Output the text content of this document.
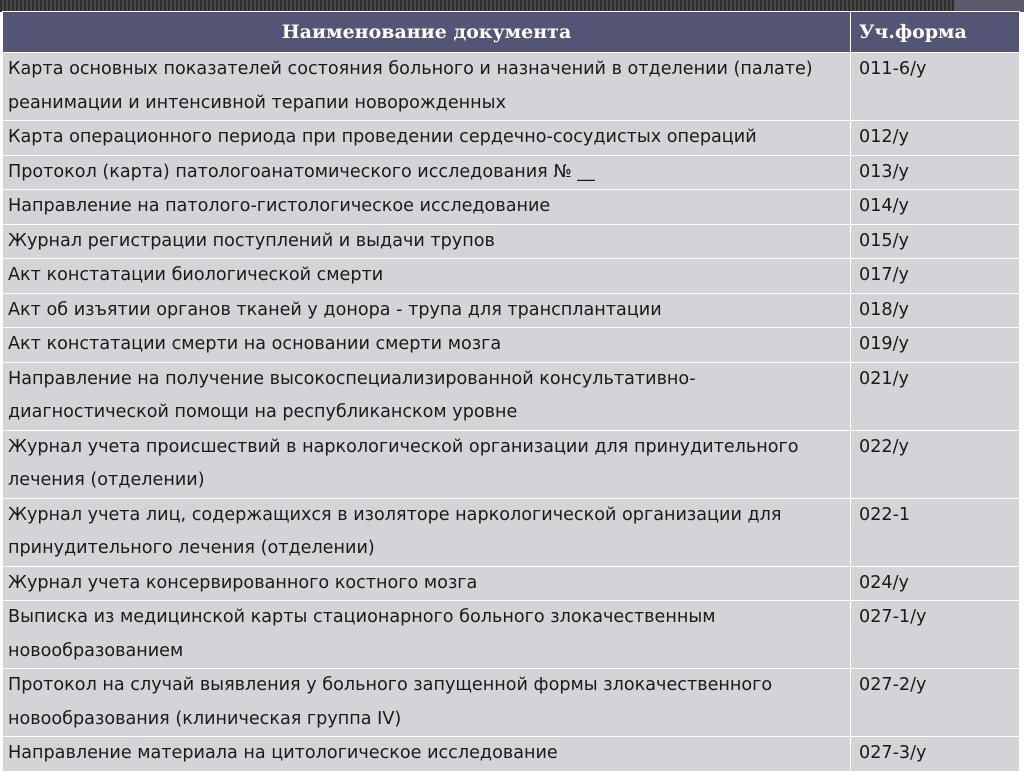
Наименование документа	Уч.форма
Карта основных показателей состояния больного и назначений в отделении (палате) реанимации и интенсивной терапии новорожденных	011-6/у
Карта операционного периода при проведении сердечно-сосудистых операций	012/у
Протокол (карта) патологоанатомического исследования № __	013/у
Направление на патолого-гистологическое исследование	014/у
Журнал регистрации поступлений и выдачи трупов	015/у
Акт констатации биологической смерти	017/у
Акт об изъятии органов тканей у донора - трупа для трансплантации	018/у
Акт констатации смерти на основании смерти мозга	019/у
Направление на получение высокоспециализированной консультативно-диагностической помощи на республиканском уровне	021/у
Журнал учета происшествий в наркологической организации для принудительного лечения (отделении)	022/у
Журнал учета лиц, содержащихся в изоляторе наркологической организации для принудительного лечения (отделении)	022-1
Журнал учета консервированного костного мозга	024/у
Выписка из медицинской карты стационарного больного злокачественным новообразованием	027-1/у
Протокол на случай выявления у больного запущенной формы злокачественного новообразования (клиническая группа IV)	027-2/у
Направление материала на цитологическое исследование	027-3/у
